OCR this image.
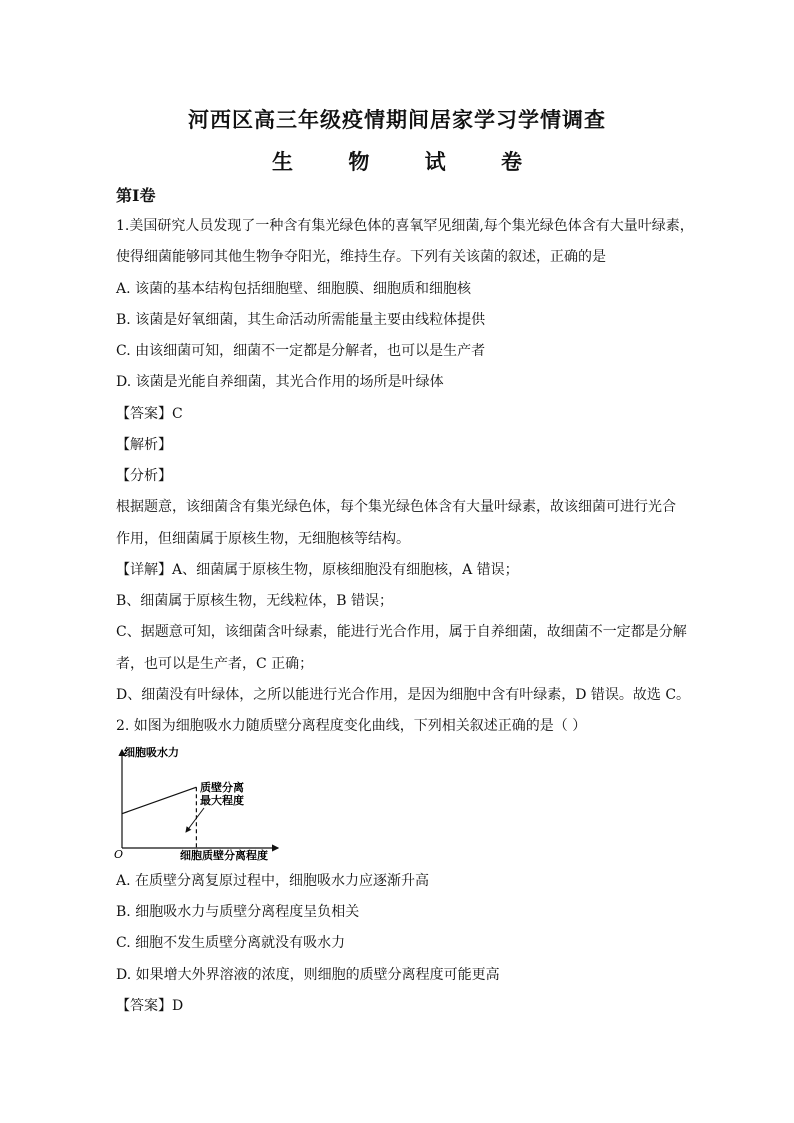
河西区高三年级疫情期间居家学习学情调查
生	物	试	卷
第Ⅰ卷
1.美国研究人员发现了一种含有集光绿色体的喜氧罕见细菌,每个集光绿色体含有大量叶绿素，
使得细菌能够同其他生物争夺阳光，维持生存。下列有关该菌的叙述，正确的是
A. 该菌的基本结构包括细胞壁、细胞膜、细胞质和细胞核
B. 该菌是好氧细菌，其生命活动所需能量主要由线粒体提供
C. 由该细菌可知，细菌不一定都是分解者，也可以是生产者
D. 该菌是光能自养细菌，其光合作用的场所是叶绿体
【答案】C
【解析】
【分析】
根据题意，该细菌含有集光绿色体，每个集光绿色体含有大量叶绿素，故该细菌可进行光合
作用，但细菌属于原核生物，无细胞核等结构。
【详解】A、细菌属于原核生物，原核细胞没有细胞核，A 错误；
B、细菌属于原核生物，无线粒体，B 错误；
C、据题意可知，该细菌含叶绿素，能进行光合作用，属于自养细菌，故细菌不一定都是分解
者，也可以是生产者，C 正确；
D、细菌没有叶绿体，之所以能进行光合作用，是因为细胞中含有叶绿素，D 错误。故选 C。
2. 如图为细胞吸水力随质壁分离程度变化曲线，下列相关叙述正确的是（ ）
细胞吸水力
O	细胞质壁分离程度
质壁分离
最大程度
A. 在质壁分离复原过程中，细胞吸水力应逐渐升高
B. 细胞吸水力与质壁分离程度呈负相关
C. 细胞不发生质壁分离就没有吸水力
D. 如果增大外界溶液的浓度，则细胞的质壁分离程度可能更高
【答案】D
